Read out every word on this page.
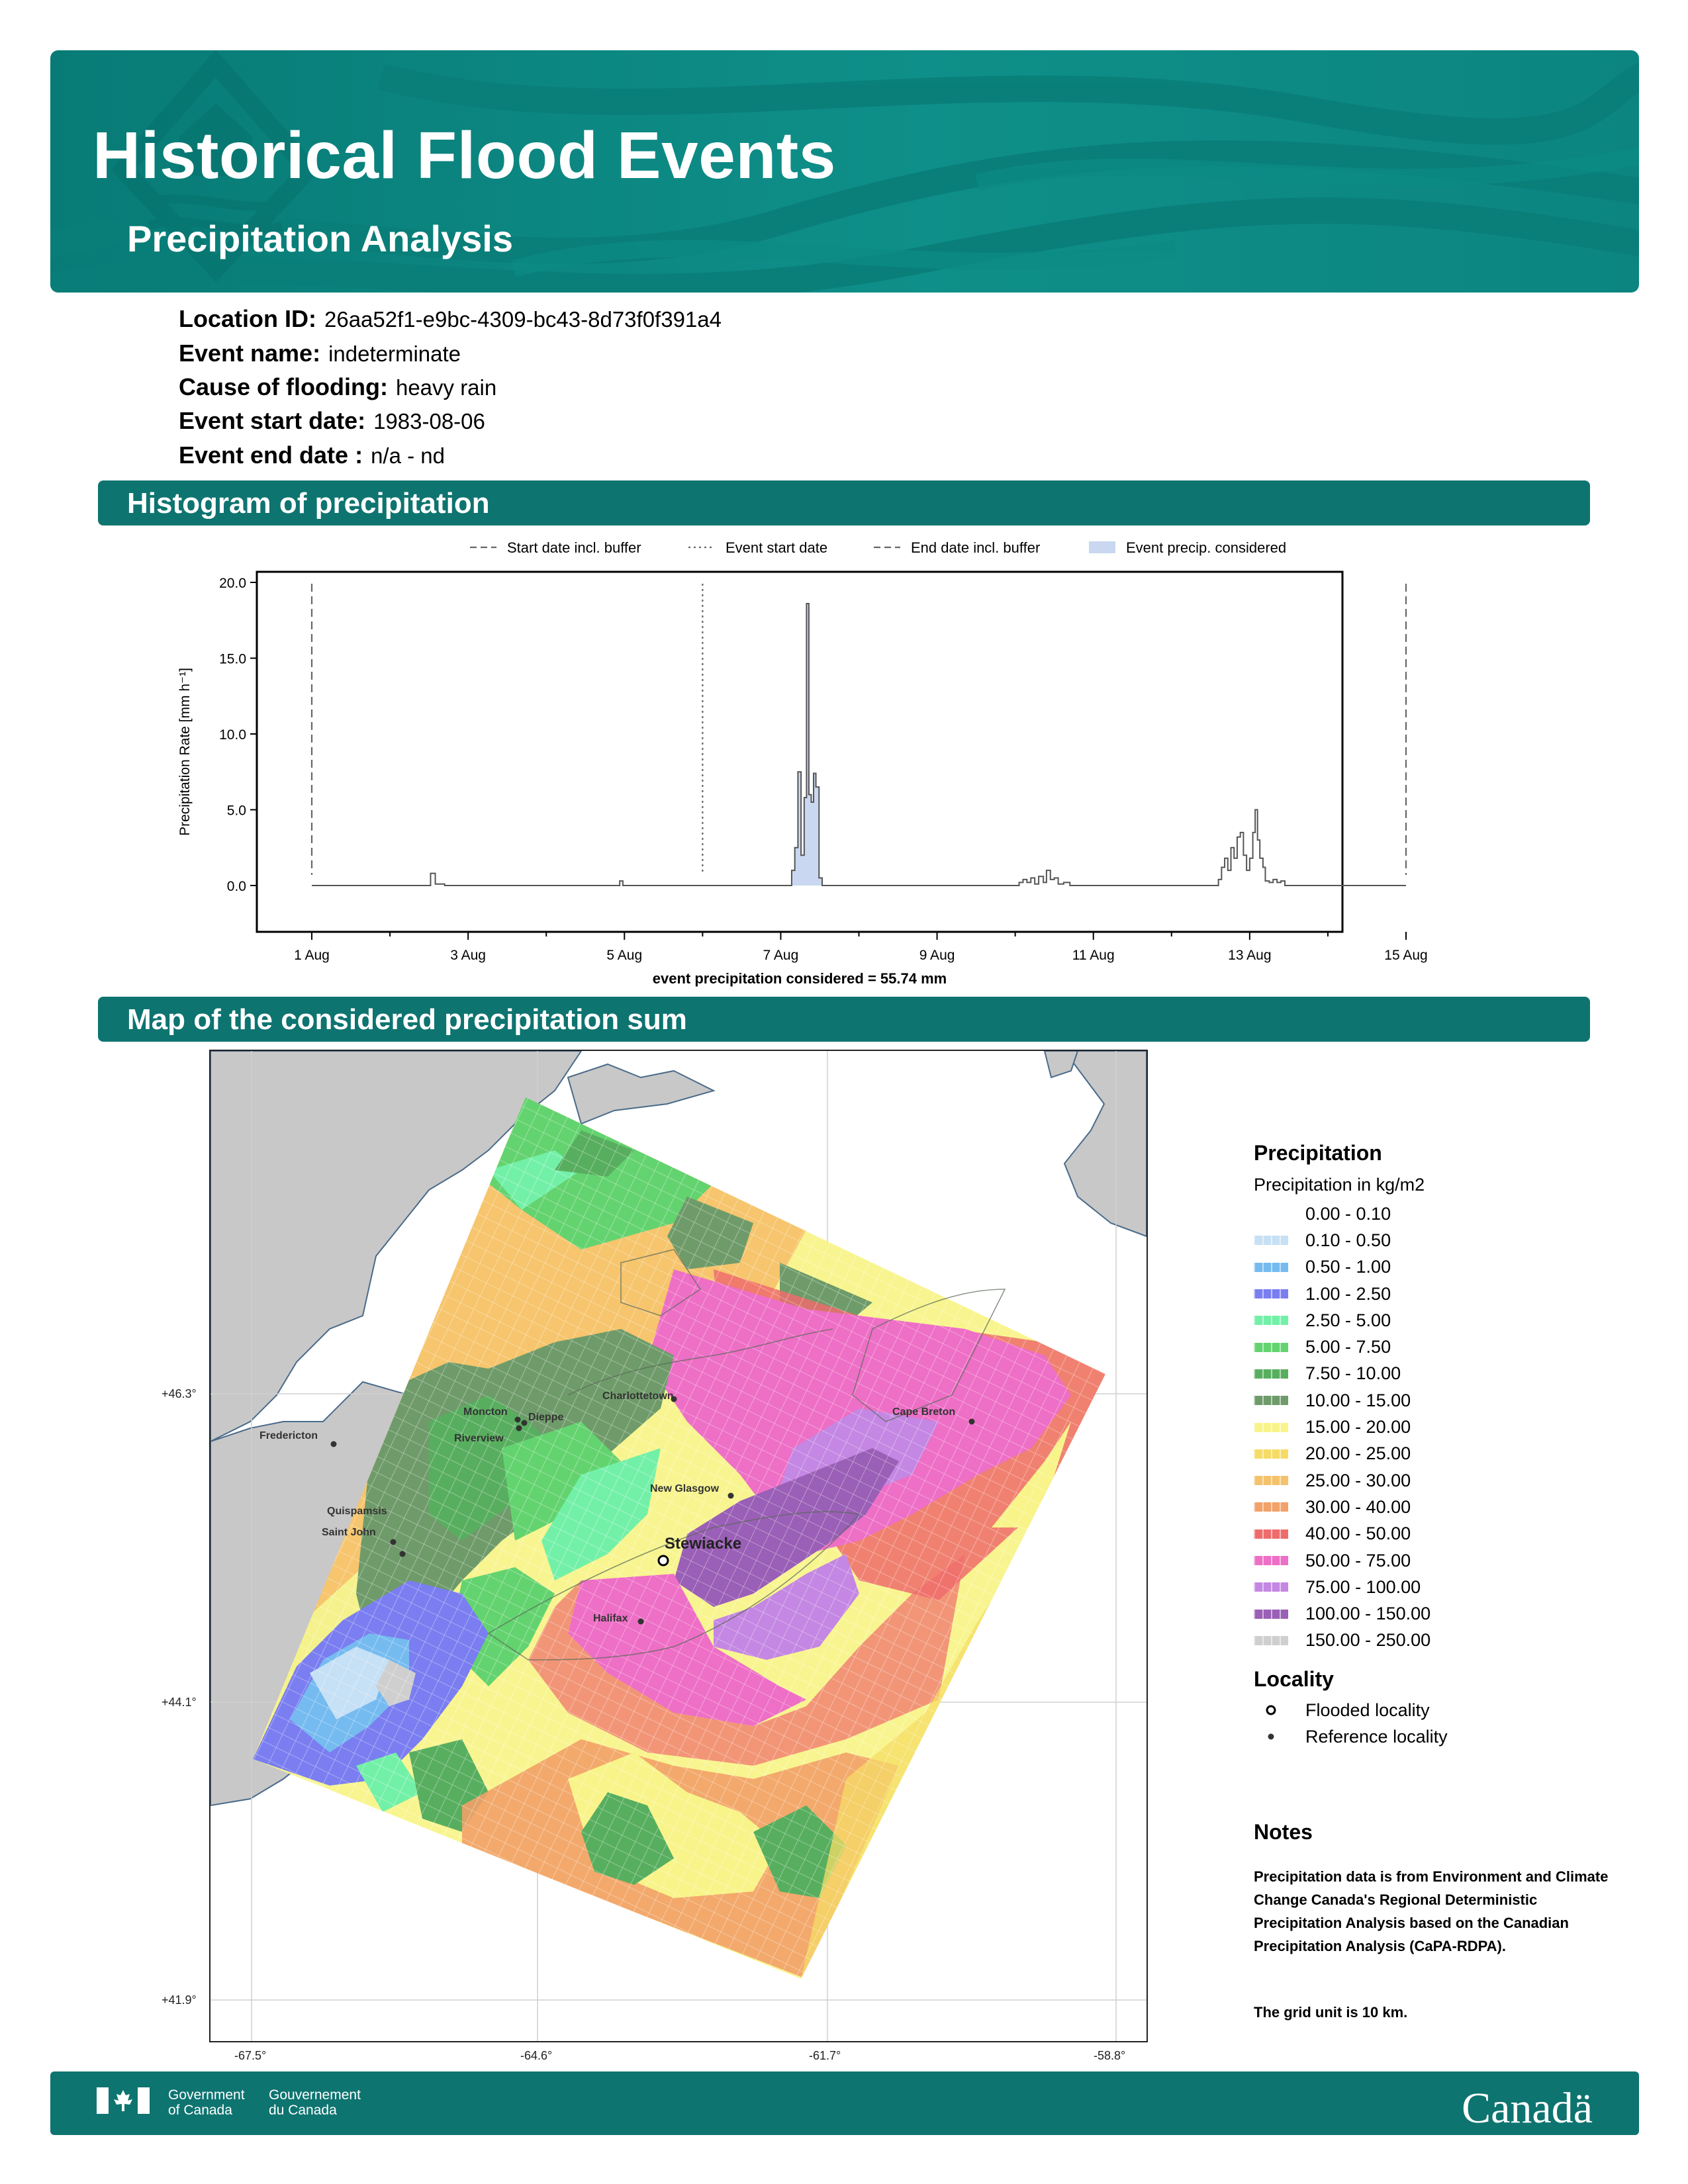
Historical Flood Events
Precipitation Analysis
Location ID: 26aa52f1-e9bc-4309-bc43-8d73f0f391a4
Event name: indeterminate
Cause of flooding: heavy rain
Event start date: 1983-08-06
Event end date : n/a - nd
Histogram of precipitation
Start date incl. buffer	Event start date	End date incl. buffer	Event precip. considered
0.0
5.0
10.0
15.0
20.0
1 Aug	3 Aug	5 Aug	7 Aug	9 Aug	11 Aug	13 Aug	15 Aug
Precipitation Rate [mm h⁻¹]
event precipitation considered = 55.74 mm
Map of the considered precipitation sum
Fredericton
Moncton Dieppe
Riverview
Charlottetown
Cape Breton
New Glasgow
Quispamsis
Saint John
Halifax
Stewiacke
+46.3°
+44.1°
+41.9°
-67.5°	-64.6°	-61.7°	-58.8°
Precipitation
Precipitation in kg/m2
0.00 - 0.10
0.10 - 0.50
0.50 - 1.00
1.00 - 2.50
2.50 - 5.00
5.00 - 7.50
7.50 - 10.00
10.00 - 15.00
15.00 - 20.00
20.00 - 25.00
25.00 - 30.00
30.00 - 40.00
40.00 - 50.00
50.00 - 75.00
75.00 - 100.00
100.00 - 150.00
150.00 - 250.00
Locality
Flooded locality
Reference locality
Notes
Precipitation data is from Environment and Climate Change Canada's Regional Deterministic Precipitation Analysis based on the Canadian Precipitation Analysis (CaPA-RDPA).
The grid unit is 10 km.
Government
of Canada
Gouvernement
du Canada	Canadä
